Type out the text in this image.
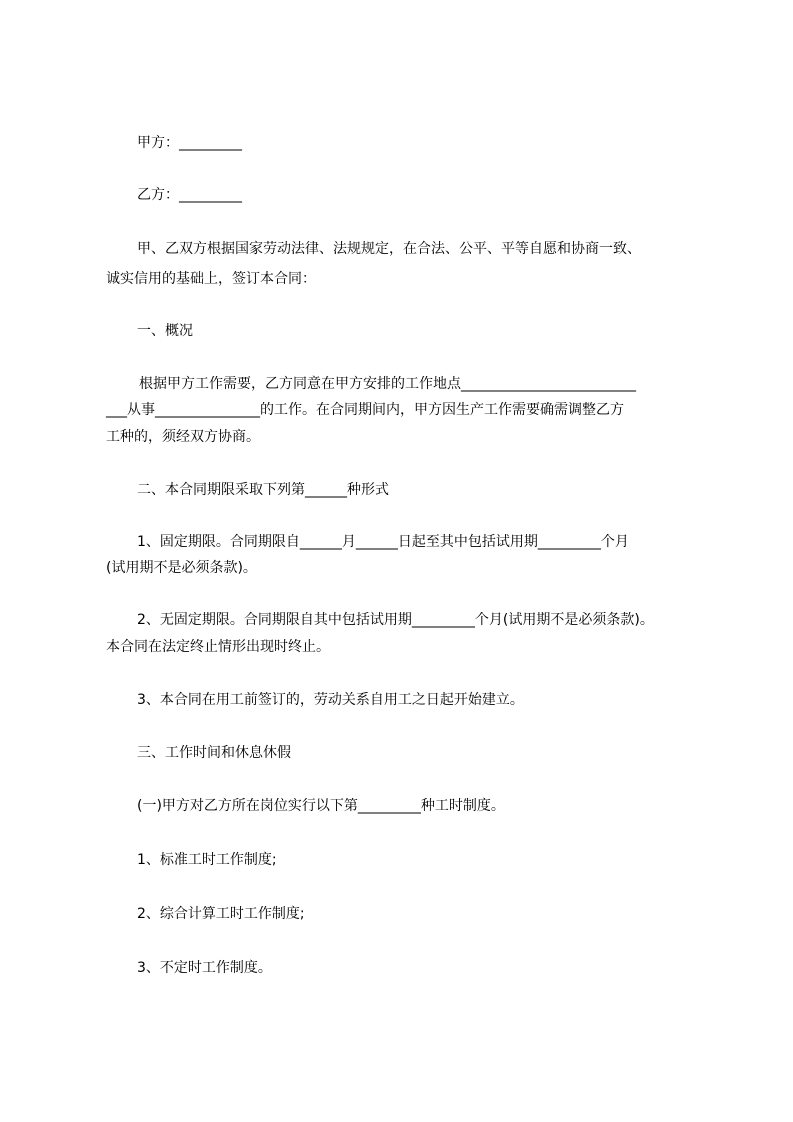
甲方：_________

乙方：_________

甲、乙双方根据国家劳动法律、法规规定，在合法、公平、平等自愿和协商一致、

诚实信用的基础上，签订本合同：

一、概况

根据甲方工作需要，乙方同意在甲方安排的工作地点_________________________

___从事_______________的工作。在合同期间内，甲方因生产工作需要确需调整乙方

工种的，须经双方协商。

二、本合同期限采取下列第______种形式

1、固定期限。合同期限自______月______日起至其中包括试用期_________个月

(试用期不是必须条款)。

2、无固定期限。合同期限自其中包括试用期_________个月(试用期不是必须条款)。

本合同在法定终止情形出现时终止。

3、本合同在用工前签订的，劳动关系自用工之日起开始建立。

三、工作时间和休息休假

(一)甲方对乙方所在岗位实行以下第_________种工时制度。

1、标准工时工作制度;

2、综合计算工时工作制度;

3、不定时工作制度。
